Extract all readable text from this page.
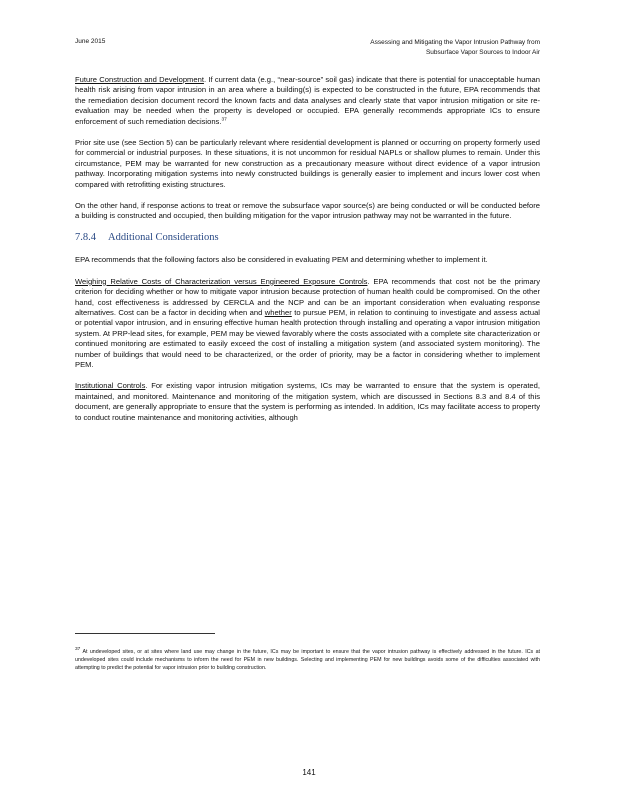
June 2015	Assessing and Mitigating the Vapor Intrusion Pathway from
Subsurface Vapor Sources to Indoor Air

Future Construction and Development. If current data (e.g., “near-source” soil gas) indicate that there is potential for unacceptable human health risk arising from vapor intrusion in an area where a building(s) is expected to be constructed in the future, EPA recommends that the remediation decision document record the known facts and data analyses and clearly state that vapor intrusion mitigation or site re-evaluation may be needed when the property is developed or occupied. EPA generally recommends appropriate ICs to ensure enforcement of such remediation decisions.$^{37}$

Prior site use (see Section 5) can be particularly relevant where residential development is planned or occurring on property formerly used for commercial or industrial purposes. In these situations, it is not uncommon for residual NAPLs or shallow plumes to remain. Under this circumstance, PEM may be warranted for new construction as a precautionary measure without direct evidence of a vapor intrusion pathway. Incorporating mitigation systems into newly constructed buildings is generally easier to implement and incurs lower cost when compared with retrofitting existing structures.

On the other hand, if response actions to treat or remove the subsurface vapor source(s) are being conducted or will be conducted before a building is constructed and occupied, then building mitigation for the vapor intrusion pathway may not be warranted in the future.

7.8.4 Additional Considerations

EPA recommends that the following factors also be considered in evaluating PEM and determining whether to implement it.

Weighing Relative Costs of Characterization versus Engineered Exposure Controls. EPA recommends that cost not be the primary criterion for deciding whether or how to mitigate vapor intrusion because protection of human health could be compromised. On the other hand, cost effectiveness is addressed by CERCLA and the NCP and can be an important consideration when evaluating response alternatives. Cost can be a factor in deciding when and whether to pursue PEM, in relation to continuing to investigate and assess actual or potential vapor intrusion, and in ensuring effective human health protection through installing and operating a vapor intrusion mitigation system. At PRP-lead sites, for example, PEM may be viewed favorably where the costs associated with a complete site characterization or continued monitoring are estimated to easily exceed the cost of installing a mitigation system (and associated system monitoring). The number of buildings that would need to be characterized, or the order of priority, may be a factor in considering whether to implement PEM.

Institutional Controls. For existing vapor intrusion mitigation systems, ICs may be warranted to ensure that the system is operated, maintained, and monitored. Maintenance and monitoring of the mitigation system, which are discussed in Sections 8.3 and 8.4 of this document, are generally appropriate to ensure that the system is performing as intended. In addition, ICs may facilitate access to property to conduct routine maintenance and monitoring activities, although

37 At undeveloped sites, or at sites where land use may change in the future, ICs may be important to ensure that the vapor intrusion pathway is effectively addressed in the future. ICs at undeveloped sites could include mechanisms to inform the need for PEM in new buildings. Selecting and implementing PEM for new buildings avoids some of the difficulties associated with attempting to predict the potential for vapor intrusion prior to building construction.
141
